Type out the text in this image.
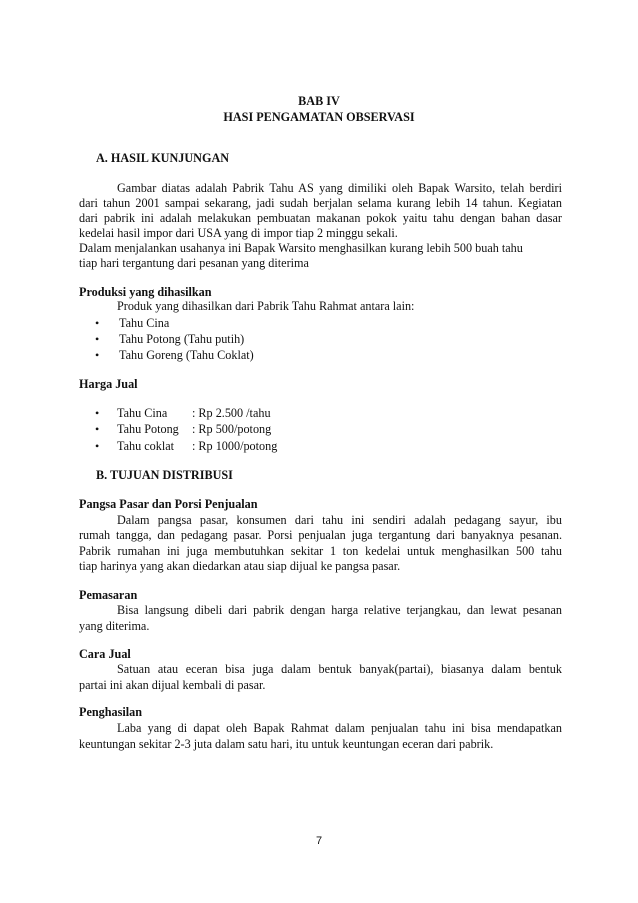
BAB IV
HASI PENGAMATAN OBSERVASI
A. HASIL KUNJUNGAN
Gambar diatas adalah Pabrik Tahu AS yang dimiliki oleh Bapak Warsito, telah berdiri
dari tahun 2001 sampai sekarang, jadi sudah berjalan selama kurang lebih 14 tahun. Kegiatan
dari pabrik ini adalah melakukan pembuatan makanan pokok yaitu tahu dengan bahan dasar
kedelai hasil impor dari USA yang di impor tiap 2 minggu sekali.
Dalam menjalankan usahanya ini Bapak Warsito menghasilkan kurang lebih 500 buah tahu
tiap hari tergantung dari pesanan yang diterima
Produksi yang dihasilkan
Produk yang dihasilkan dari Pabrik Tahu Rahmat antara lain:
• Tahu Cina
• Tahu Potong (Tahu putih)
• Tahu Goreng (Tahu Coklat)
Harga Jual
• Tahu Cina : Rp 2.500 /tahu
• Tahu Potong : Rp 500/potong
• Tahu coklat : Rp 1000/potong
B. TUJUAN DISTRIBUSI
Pangsa Pasar dan Porsi Penjualan
Dalam pangsa pasar, konsumen dari tahu ini sendiri adalah pedagang sayur, ibu
rumah tangga, dan pedagang pasar. Porsi penjualan juga tergantung dari banyaknya pesanan.
Pabrik rumahan ini juga membutuhkan sekitar 1 ton kedelai untuk menghasilkan 500 tahu
tiap harinya yang akan diedarkan atau siap dijual ke pangsa pasar.
Pemasaran
Bisa langsung dibeli dari pabrik dengan harga relative terjangkau, dan lewat pesanan
yang diterima.
Cara Jual
Satuan atau eceran bisa juga dalam bentuk banyak(partai), biasanya dalam bentuk
partai ini akan dijual kembali di pasar.
Penghasilan
Laba yang di dapat oleh Bapak Rahmat dalam penjualan tahu ini bisa mendapatkan
keuntungan sekitar 2-3 juta dalam satu hari, itu untuk keuntungan eceran dari pabrik.
7
